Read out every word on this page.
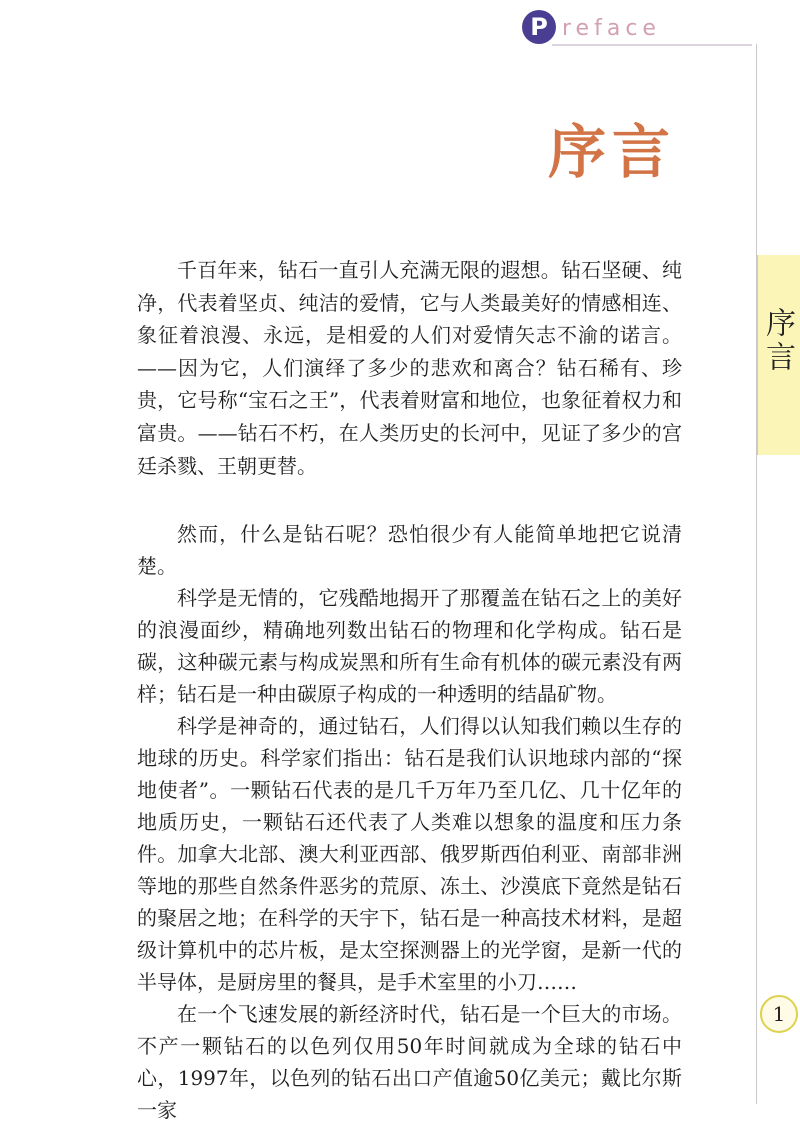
P reface
序言
序言
1

千百年来，钻石一直引人充满无限的遐想。钻石坚硬、纯净，代表着坚贞、纯洁的爱情，它与人类最美好的情感相连、象征着浪漫、永远，是相爱的人们对爱情矢志不渝的诺言。——因为它，人们演绎了多少的悲欢和离合？钻石稀有、珍贵，它号称“宝石之王”，代表着财富和地位，也象征着权力和富贵。——钻石不朽，在人类历史的长河中，见证了多少的宫廷杀戮、王朝更替。

然而，什么是钻石呢？恐怕很少有人能简单地把它说清楚。

科学是无情的，它残酷地揭开了那覆盖在钻石之上的美好的浪漫面纱，精确地列数出钻石的物理和化学构成。钻石是碳，这种碳元素与构成炭黑和所有生命有机体的碳元素没有两样；钻石是一种由碳原子构成的一种透明的结晶矿物。

科学是神奇的，通过钻石，人们得以认知我们赖以生存的地球的历史。科学家们指出：钻石是我们认识地球内部的“探地使者”。一颗钻石代表的是几千万年乃至几亿、几十亿年的地质历史，一颗钻石还代表了人类难以想象的温度和压力条件。加拿大北部、澳大利亚西部、俄罗斯西伯利亚、南部非洲等地的那些自然条件恶劣的荒原、冻土、沙漠底下竟然是钻石的聚居之地；在科学的天宇下，钻石是一种高技术材料，是超级计算机中的芯片板，是太空探测器上的光学窗，是新一代的半导体，是厨房里的餐具，是手术室里的小刀……

在一个飞速发展的新经济时代，钻石是一个巨大的市场。不产一颗钻石的以色列仅用50年时间就成为全球的钻石中心，1997年，以色列的钻石出口产值逾50亿美元；戴比尔斯一家
